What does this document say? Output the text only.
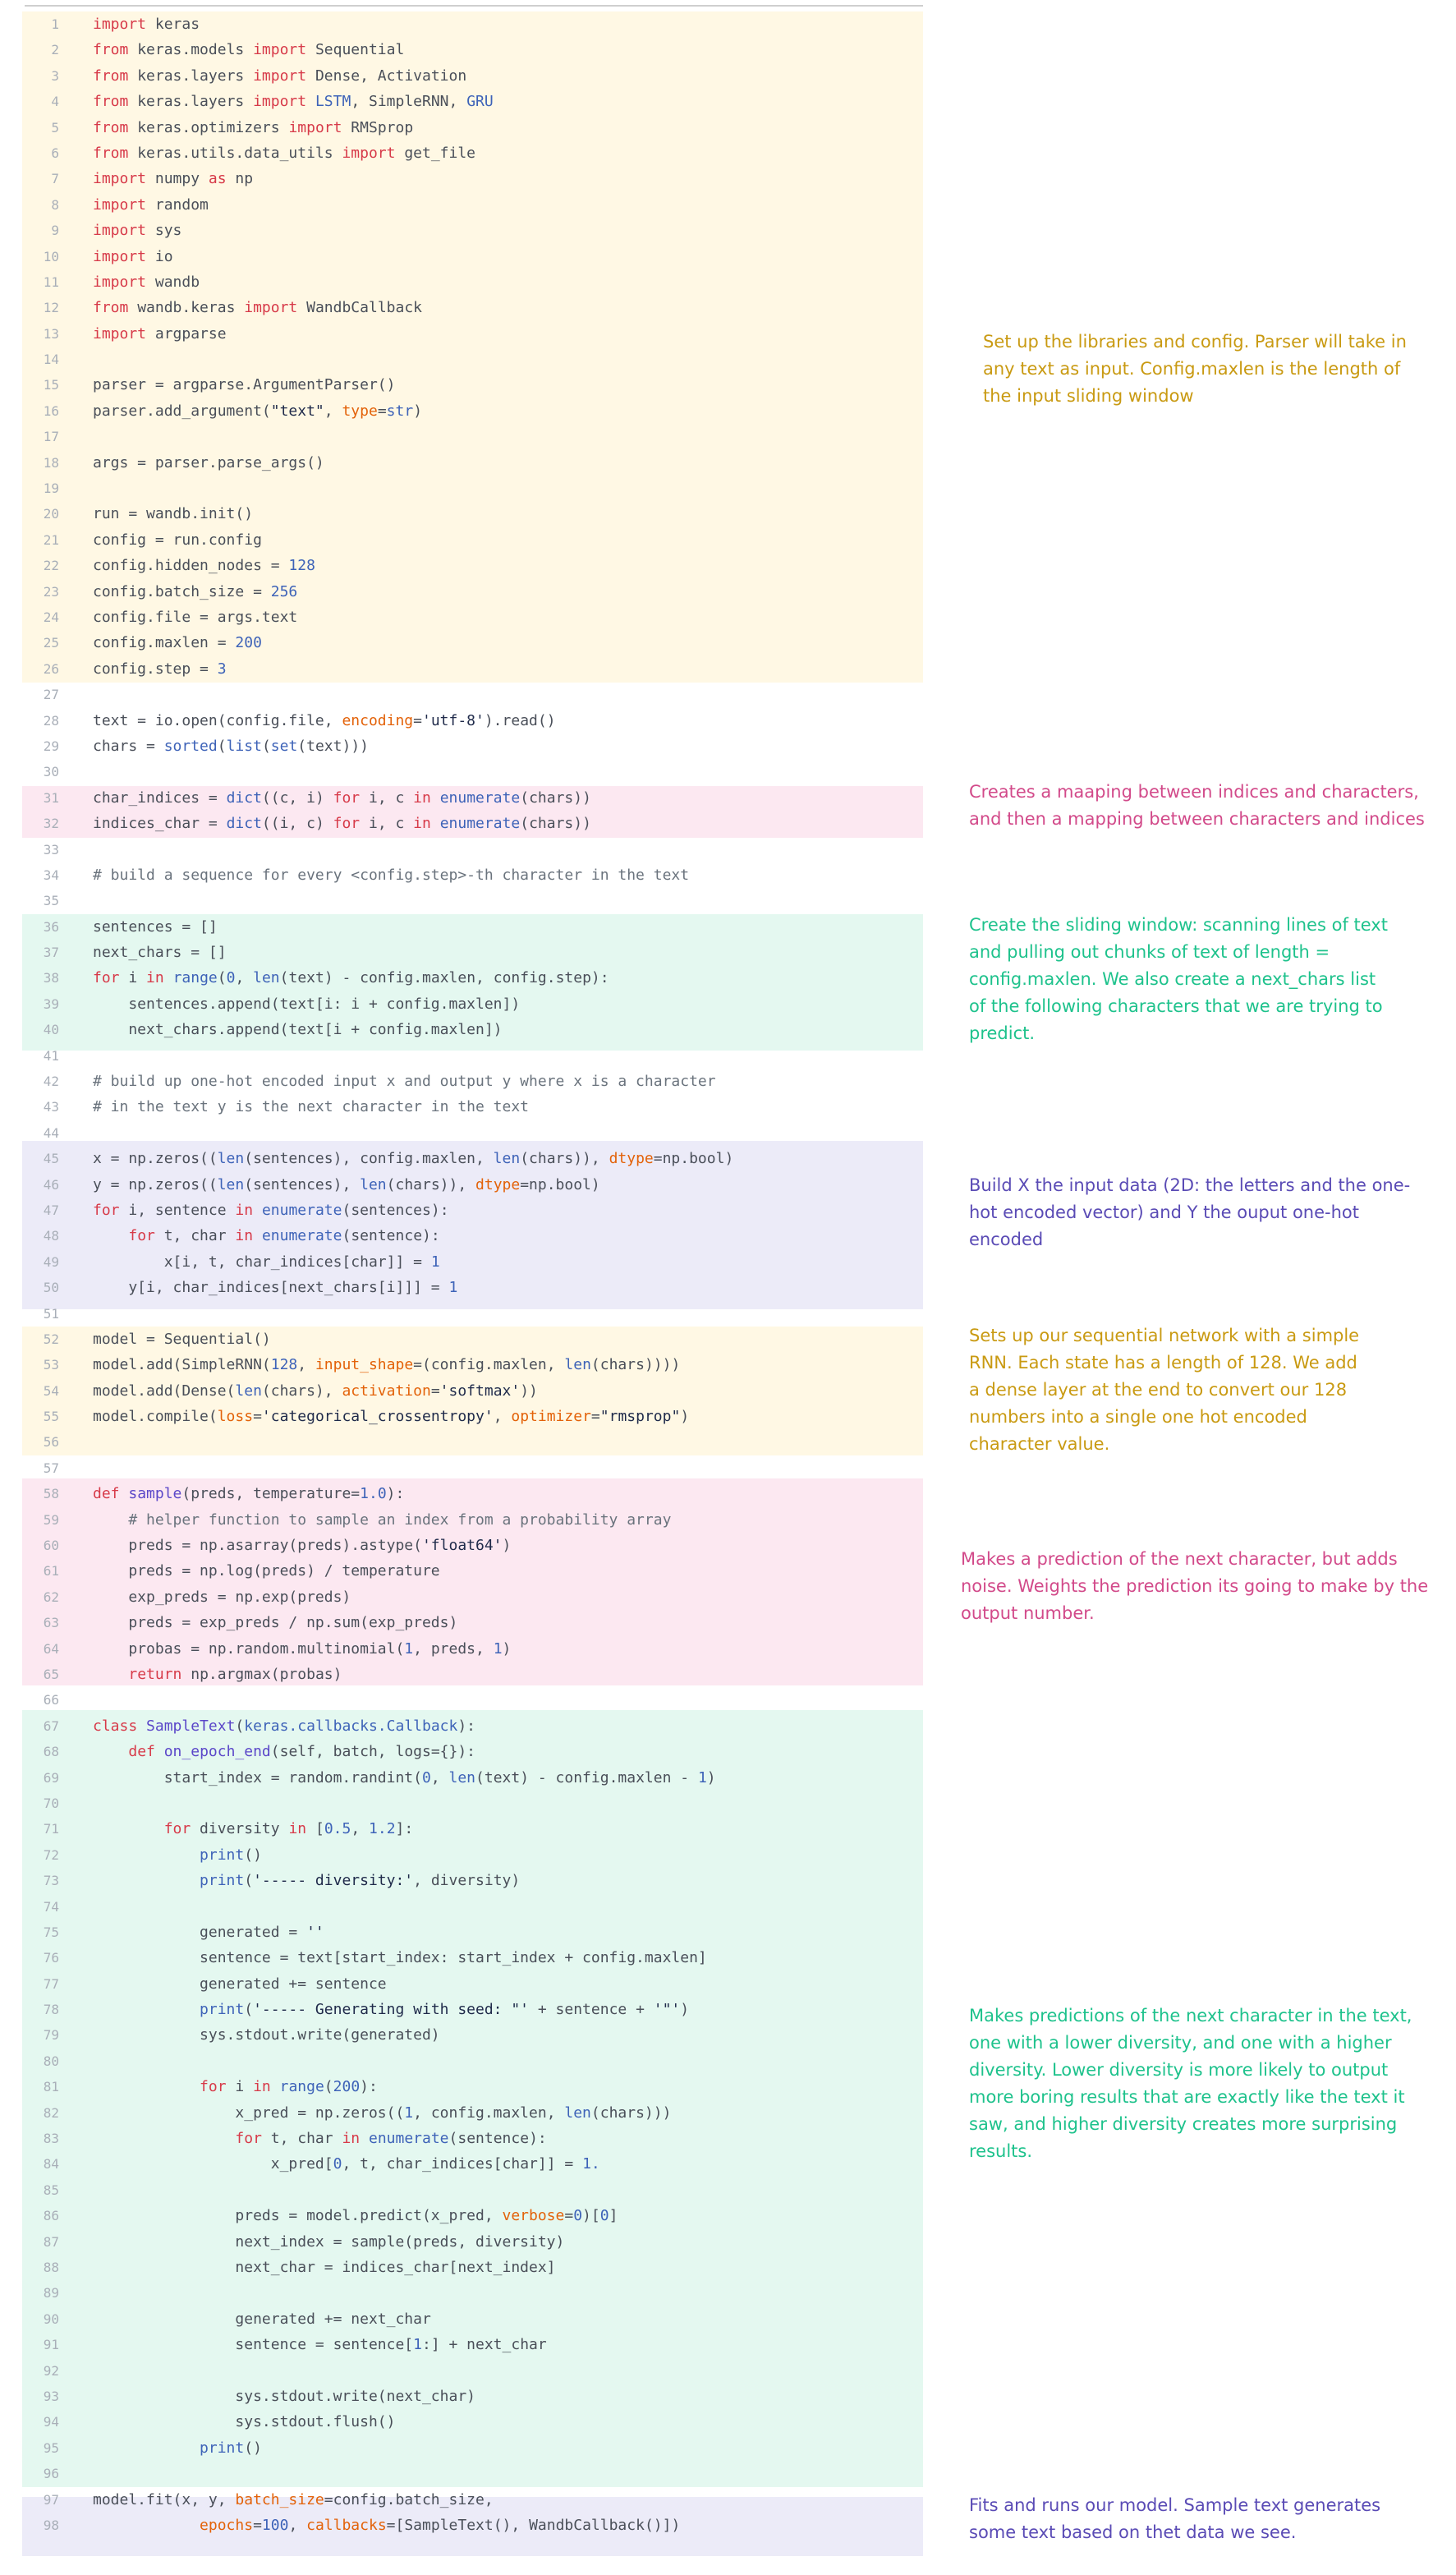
1 import keras
2 from keras.models import Sequential
3 from keras.layers import Dense, Activation
4 from keras.layers import LSTM, SimpleRNN, GRU
5 from keras.optimizers import RMSprop
6 from keras.utils.data_utils import get_file
7 import numpy as np
8 import random
9 import sys
10 import io
11 import wandb
12 from wandb.keras import WandbCallback
13 import argparse
14
15 parser = argparse.ArgumentParser()
16 parser.add_argument("text", type=str)
17
18 args = parser.parse_args()
19
20 run = wandb.init()
21 config = run.config
22 config.hidden_nodes = 128
23 config.batch_size = 256
24 config.file = args.text
25 config.maxlen = 200
26 config.step = 3
27
28 text = io.open(config.file, encoding='utf-8').read()
29 chars = sorted(list(set(text)))
30
31 char_indices = dict((c, i) for i, c in enumerate(chars))
32 indices_char = dict((i, c) for i, c in enumerate(chars))
33
34 # build a sequence for every <config.step>-th character in the text
35
36 sentences = []
37 next_chars = []
38 for i in range(0, len(text) - config.maxlen, config.step):
39 sentences.append(text[i: i + config.maxlen])
40 next_chars.append(text[i + config.maxlen])
41
42 # build up one-hot encoded input x and output y where x is a character
43 # in the text y is the next character in the text
44
45 x = np.zeros((len(sentences), config.maxlen, len(chars)), dtype=np.bool)
46 y = np.zeros((len(sentences), len(chars)), dtype=np.bool)
47 for i, sentence in enumerate(sentences):
48	for t, char in enumerate(sentence):
49 x[i, t, char_indices[char]] = 1
50 y[i, char_indices[next_chars[i]]] = 1
51
52 model = Sequential()
53 model.add(SimpleRNN(128, input_shape=(config.maxlen, len(chars))))
54 model.add(Dense(len(chars), activation='softmax'))
55 model.compile(loss='categorical_crossentropy', optimizer="rmsprop")
56
57
58 def sample(preds, temperature=1.0):
59 # helper function to sample an index from a probability array
60 preds = np.asarray(preds).astype('float64')
61 preds = np.log(preds) / temperature
62 exp_preds = np.exp(preds)
63 preds = exp_preds / np.sum(exp_preds)
64 probas = np.random.multinomial(1, preds, 1)
65	return np.argmax(probas)
66
67 class SampleText(keras.callbacks.Callback):
68	def on_epoch_end(self, batch, logs={}):
69 start_index = random.randint(0, len(text) - config.maxlen - 1)
70
71	for diversity in [0.5, 1.2]:
72	print()
73	print('----- diversity:', diversity)
74
75 generated = ''
76 sentence = text[start_index: start_index + config.maxlen]
77 generated += sentence
78	print('----- Generating with seed: "' + sentence + '"')
79 sys.stdout.write(generated)
80
81	for i in range(200):
82 x_pred = np.zeros((1, config.maxlen, len(chars)))
83	for t, char in enumerate(sentence):
84 x_pred[0, t, char_indices[char]] = 1.
85
86 preds = model.predict(x_pred, verbose=0)[0]
87 next_index = sample(preds, diversity)
88 next_char = indices_char[next_index]
89
90 generated += next_char
91 sentence = sentence[1:] + next_char
92
93 sys.stdout.write(next_char)
94 sys.stdout.flush()
95	print()
96
97 model.fit(x, y, batch_size=config.batch_size,
98	epochs=100, callbacks=[SampleText(), WandbCallback()])
Set up the libraries and config. Parser will take in any text as input. Config.maxlen is the length of the input sliding window
Creates a maaping between indices and characters, and then a mapping between characters and indices
Create the sliding window: scanning lines of text and pulling out chunks of text of length = config.maxlen. We also create a next_chars list of the following characters that we are trying to predict.
Build X the input data (2D: the letters and the one-hot encoded vector) and Y the ouput one-hot encoded
Sets up our sequential network with a simple RNN. Each state has a length of 128. We add a dense layer at the end to convert our 128 numbers into a single one hot encoded character value.
Makes a prediction of the next character, but adds noise. Weights the prediction its going to make by the output number.
Makes predictions of the next character in the text, one with a lower diversity, and one with a higher diversity. Lower diversity is more likely to output more boring results that are exactly like the text it saw, and higher diversity creates more surprising results.
Fits and runs our model. Sample text generates some text based on thet data we see.
